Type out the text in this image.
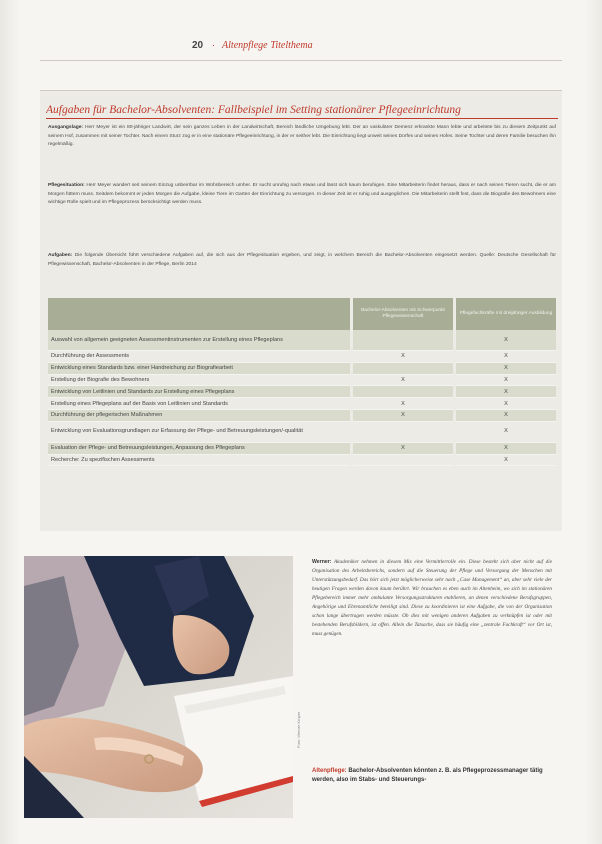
20 · Altenpflege Titelthema
Aufgaben für Bachelor-Absolventen: Fallbeispiel im Setting stationärer Pflegeeinrichtung

Ausgangslage: Herr Meyer ist ein 80-jähriger Landwirt, der sein ganzes Leben in der Landwirtschaft, Bereich ländliche Umgebung lebt. Der an vaskulärer Demenz erkrankte Mann lebte und arbeitete bis zu diesem Zeitpunkt auf seinem Hof, zusammen mit seiner Tochter. Nach einem Sturz zog er in eine stationäre Pflegeeinrichtung, in der er seither lebt. Die Einrichtung liegt unweit seines Dorfes und seines Hofes. Seine Tochter und deren Familie besuchen ihn regelmäßig.

Pflegesituation: Herr Meyer wandert seit seinem Einzug unbeirrbar im Wohnbereich umher. Er sucht unruhig nach etwas und lässt sich kaum beruhigen. Eine Mitarbeiterin findet heraus, dass er nach seinen Tieren sucht, die er am Morgen füttern muss. Seitdem bekommt er jeden Morgen die Aufgabe, kleine Tiere im Garten der Einrichtung zu versorgen. In dieser Zeit ist er ruhig und ausgeglichen. Die Mitarbeiterin stellt fest, dass die Biografie des Bewohners eine wichtige Rolle spielt und im Pflegeprozess berücksichtigt werden muss.

Aufgaben: Die folgende Übersicht führt verschiedene Aufgaben auf, die sich aus der Pflegesituation ergeben, und zeigt, in welchem Bereich die Bachelor-Absolventen eingesetzt werden. Quelle: Deutsche Gesellschaft für Pflegewissenschaft, Bachelor-Absolventen in der Pflege, Berlin 2014

	Bachelor-Absolventen mit Schwerpunkt Pflegewissenschaft	Pflegefachkräfte mit dreijähriger Ausbildung
Auswahl von allgemein geeigneten Assessmentinstrumenten zur Erstellung eines Pflegeplans		X
Durchführung der Assessments	X	X
Entwicklung eines Standards bzw. einer Handreichung zur Biografiearbeit		X
Erstellung der Biografie des Bewohners	X	X
Entwicklung von Leitlinien und Standards zur Erstellung eines Pflegeplans		X
Erstellung eines Pflegeplans auf der Basis von Leitlinien und Standards	X	X
Durchführung der pflegerischen Maßnahmen	X	X
Entwicklung von Evaluationsgrundlagen zur Erfassung der Pflege- und Betreuungsleistungen/-qualität		X
Evaluation der Pflege- und Betreuungsleistungen, Anpassung des Pflegeplans	X	X
Recherche: Zu spezifischen Assessments		X
Foto: Werner Krüper

Werner: Akademiker nehmen in diesem Mix eine Vermittlerrolle ein. Diese besteht sich aber nicht auf die Organisation des Arbeitsbereichs, sondern auf die Steuerung der Pflege und Versorgung der Menschen mit Unterstützungsbedarf. Das hört sich jetzt möglicherweise sehr nach „Case Management“ an, aber sehr viele der heutigen Fragen werden davon kaum berührt. Wir brauchen es eben auch im Altenheim, wo sich im stationären Pflegebereich immer mehr ambulante Versorgungsstrukturen etablieren, an denen verschiedene Berufsgruppen, Angehörige und Ehrenamtliche beteiligt sind. Diese zu koordinieren ist eine Aufgabe, die von der Organisation schon lange übertragen werden müsste. Ob dies mit wenigen anderen Aufgaben zu verknüpfen ist oder mit bestehenden Berufsbildern, ist offen. Allein die Tatsache, dass sie häufig eine „zentrale Fachkraft“ vor Ort ist, muss genügen.

Altenpflege: Bachelor-Absolventen könnten z. B. als Pflegeprozessmanager tätig werden, also im Stabs- und Steuerungs-
